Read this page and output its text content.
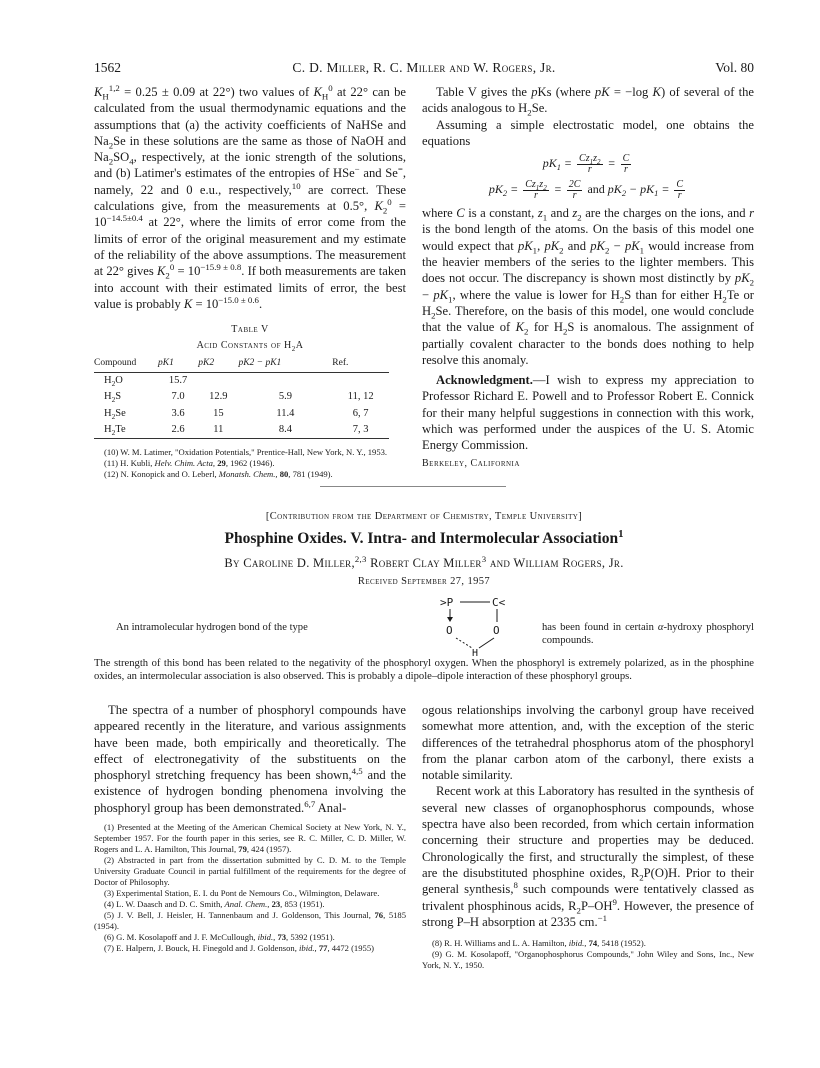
1562	C. D. Miller, R. C. Miller and W. Rogers, Jr.	Vol. 80

$K_H^{1,2} = 0.25 \pm 0.09$ at 22°) two values of $K_H^0$ at 22° can be calculated from the usual thermodynamic equations and the assumptions that (a) the activity coefficients of NaHSe and $Na_2Se$ in these solutions are the same as those of NaOH and $Na_2SO_4$, respectively, at the ionic strength of the solutions, and (b) Latimer's estimates of the entropies of HSe− and Se=, namely, 22 and 0 e.u., respectively,$^{10}$ are correct. These calculations give, from the measurements at 0.5°, $K_2^0 = 10^{-14.5\pm 0.4}$ at 22°, where the limits of error come from the limits of error of the original measurement and my estimate of the reliability of the above assumptions. The measurement at 22° gives $K_2^0 = 10^{-15.9 \pm 0.8}$. If both measurements are taken into account with their estimated limits of error, the best value is probably $K = 10^{-15.0 \pm 0.6}$.

Table V

Acid Constants of $H_2A$

Compound	pK1	pK2	pK2 − pK1	Ref.
$H_2O$	15.7			
$H_2S$	7.0	12.9	5.9	11, 12
$H_2Se$	3.6	15	11.4	6, 7
$H_2Te$	2.6	11	8.4	7, 3

(10) W. M. Latimer, "Oxidation Potentials," Prentice-Hall, New York, N. Y., 1953.

(11) H. Kubli, Helv. Chim. Acta, 29, 1962 (1946).

(12) N. Konopick and O. Leberl, Monatsh. Chem., 80, 781 (1949).

Table V gives the pKs (where pK = −log K) of several of the acids analogous to $H_2Se$.

Assuming a simple electrostatic model, one obtains the equations

$pK_1 = \frac{Cz_1z_2}{r} = \frac{C}{r}$
$pK_2 = \frac{Cz_1z_2}{r} = \frac{2C}{r}$ and $pK_2 - pK_1 = \frac{C}{r}$

where C is a constant, $z_1$ and $z_2$ are the charges on the ions, and r is the bond length of the atoms. On the basis of this model one would expect that $pK_1$, $pK_2$ and $pK_2 - pK_1$ would increase from the heavier members of the series to the lighter members. This does not occur. The discrepancy is shown most distinctly by $pK_2 - pK_1$, where the value is lower for $H_2S$ than for either $H_2Te$ or $H_2Se$. Therefore, on the basis of this model, one would conclude that the value of $K_2$ for $H_2S$ is anomalous. The assignment of partially covalent character to the bonds does nothing to help resolve this anomaly.

Acknowledgment.—I wish to express my appreciation to Professor Richard E. Powell and to Professor Robert E. Connick for their many helpful suggestions in connection with this work, which was performed under the auspices of the U. S. Atomic Energy Commission.

Berkeley, California

[Contribution from the Department of Chemistry, Temple University]
Phosphine Oxides. V. Intra- and Intermolecular Association$^1$
By Caroline D. Miller,$^{2,3}$ Robert Clay Miller$^3$ and William Rogers, Jr.
Received September 27, 1957
An intramolecular hydrogen bond of the type
>P	C<
O	O
H
has been found in certain α-hydroxy phosphoryl compounds.
The strength of this bond has been related to the negativity of the phosphoryl oxygen. When the phosphoryl is extremely polarized, as in the phosphine oxides, an intermolecular association is also observed. This is probably a dipole–dipole interaction of these phosphoryl groups.

The spectra of a number of phosphoryl compounds have appeared recently in the literature, and various assignments have been made, both empirically and theoretically. The effect of electronegativity of the substituents on the phosphoryl stretching frequency has been shown,$^{4,5}$ and the existence of hydrogen bonding phenomena involving the phosphoryl group has been demonstrated.$^{6,7}$ Anal-

(1) Presented at the Meeting of the American Chemical Society at New York, N. Y., September 1957. For the fourth paper in this series, see R. C. Miller, C. D. Miller, W. Rogers and L. A. Hamilton, This Journal, 79, 424 (1957).

(2) Abstracted in part from the dissertation submitted by C. D. M. to the Temple University Graduate Council in partial fulfillment of the requirements for the degree of Doctor of Philosophy.

(3) Experimental Station, E. I. du Pont de Nemours Co., Wilmington, Delaware.

(4) L. W. Daasch and D. C. Smith, Anal. Chem., 23, 853 (1951).

(5) J. V. Bell, J. Heisler, H. Tannenbaum and J. Goldenson, This Journal, 76, 5185 (1954).

(6) G. M. Kosolapoff and J. F. McCullough, ibid., 73, 5392 (1951).

(7) E. Halpern, J. Bouck, H. Finegold and J. Goldenson, ibid., 77, 4472 (1955)

ogous relationships involving the carbonyl group have received somewhat more attention, and, with the exception of the steric differences of the tetrahedral phosphorus atom of the phosphoryl from the planar carbon atom of the carbonyl, there exists a notable similarity.

Recent work at this Laboratory has resulted in the synthesis of several new classes of organophosphorus compounds, whose spectra have also been recorded, from which certain information concerning their structure and properties may be deduced. Chronologically the first, and structurally the simplest, of these are the disubstituted phosphine oxides, $R_2P(O)H$. Prior to their general synthesis,$^8$ such compounds were tentatively classed as trivalent phosphinous acids, $R_2P-OH^9$. However, the presence of strong P–H absorption at 2335 cm.$^{-1}$

(8) R. H. Williams and L. A. Hamilton, ibid., 74, 5418 (1952).

(9) G. M. Kosolapoff, "Organophosphorus Compounds," John Wiley and Sons, Inc., New York, N. Y., 1950.
